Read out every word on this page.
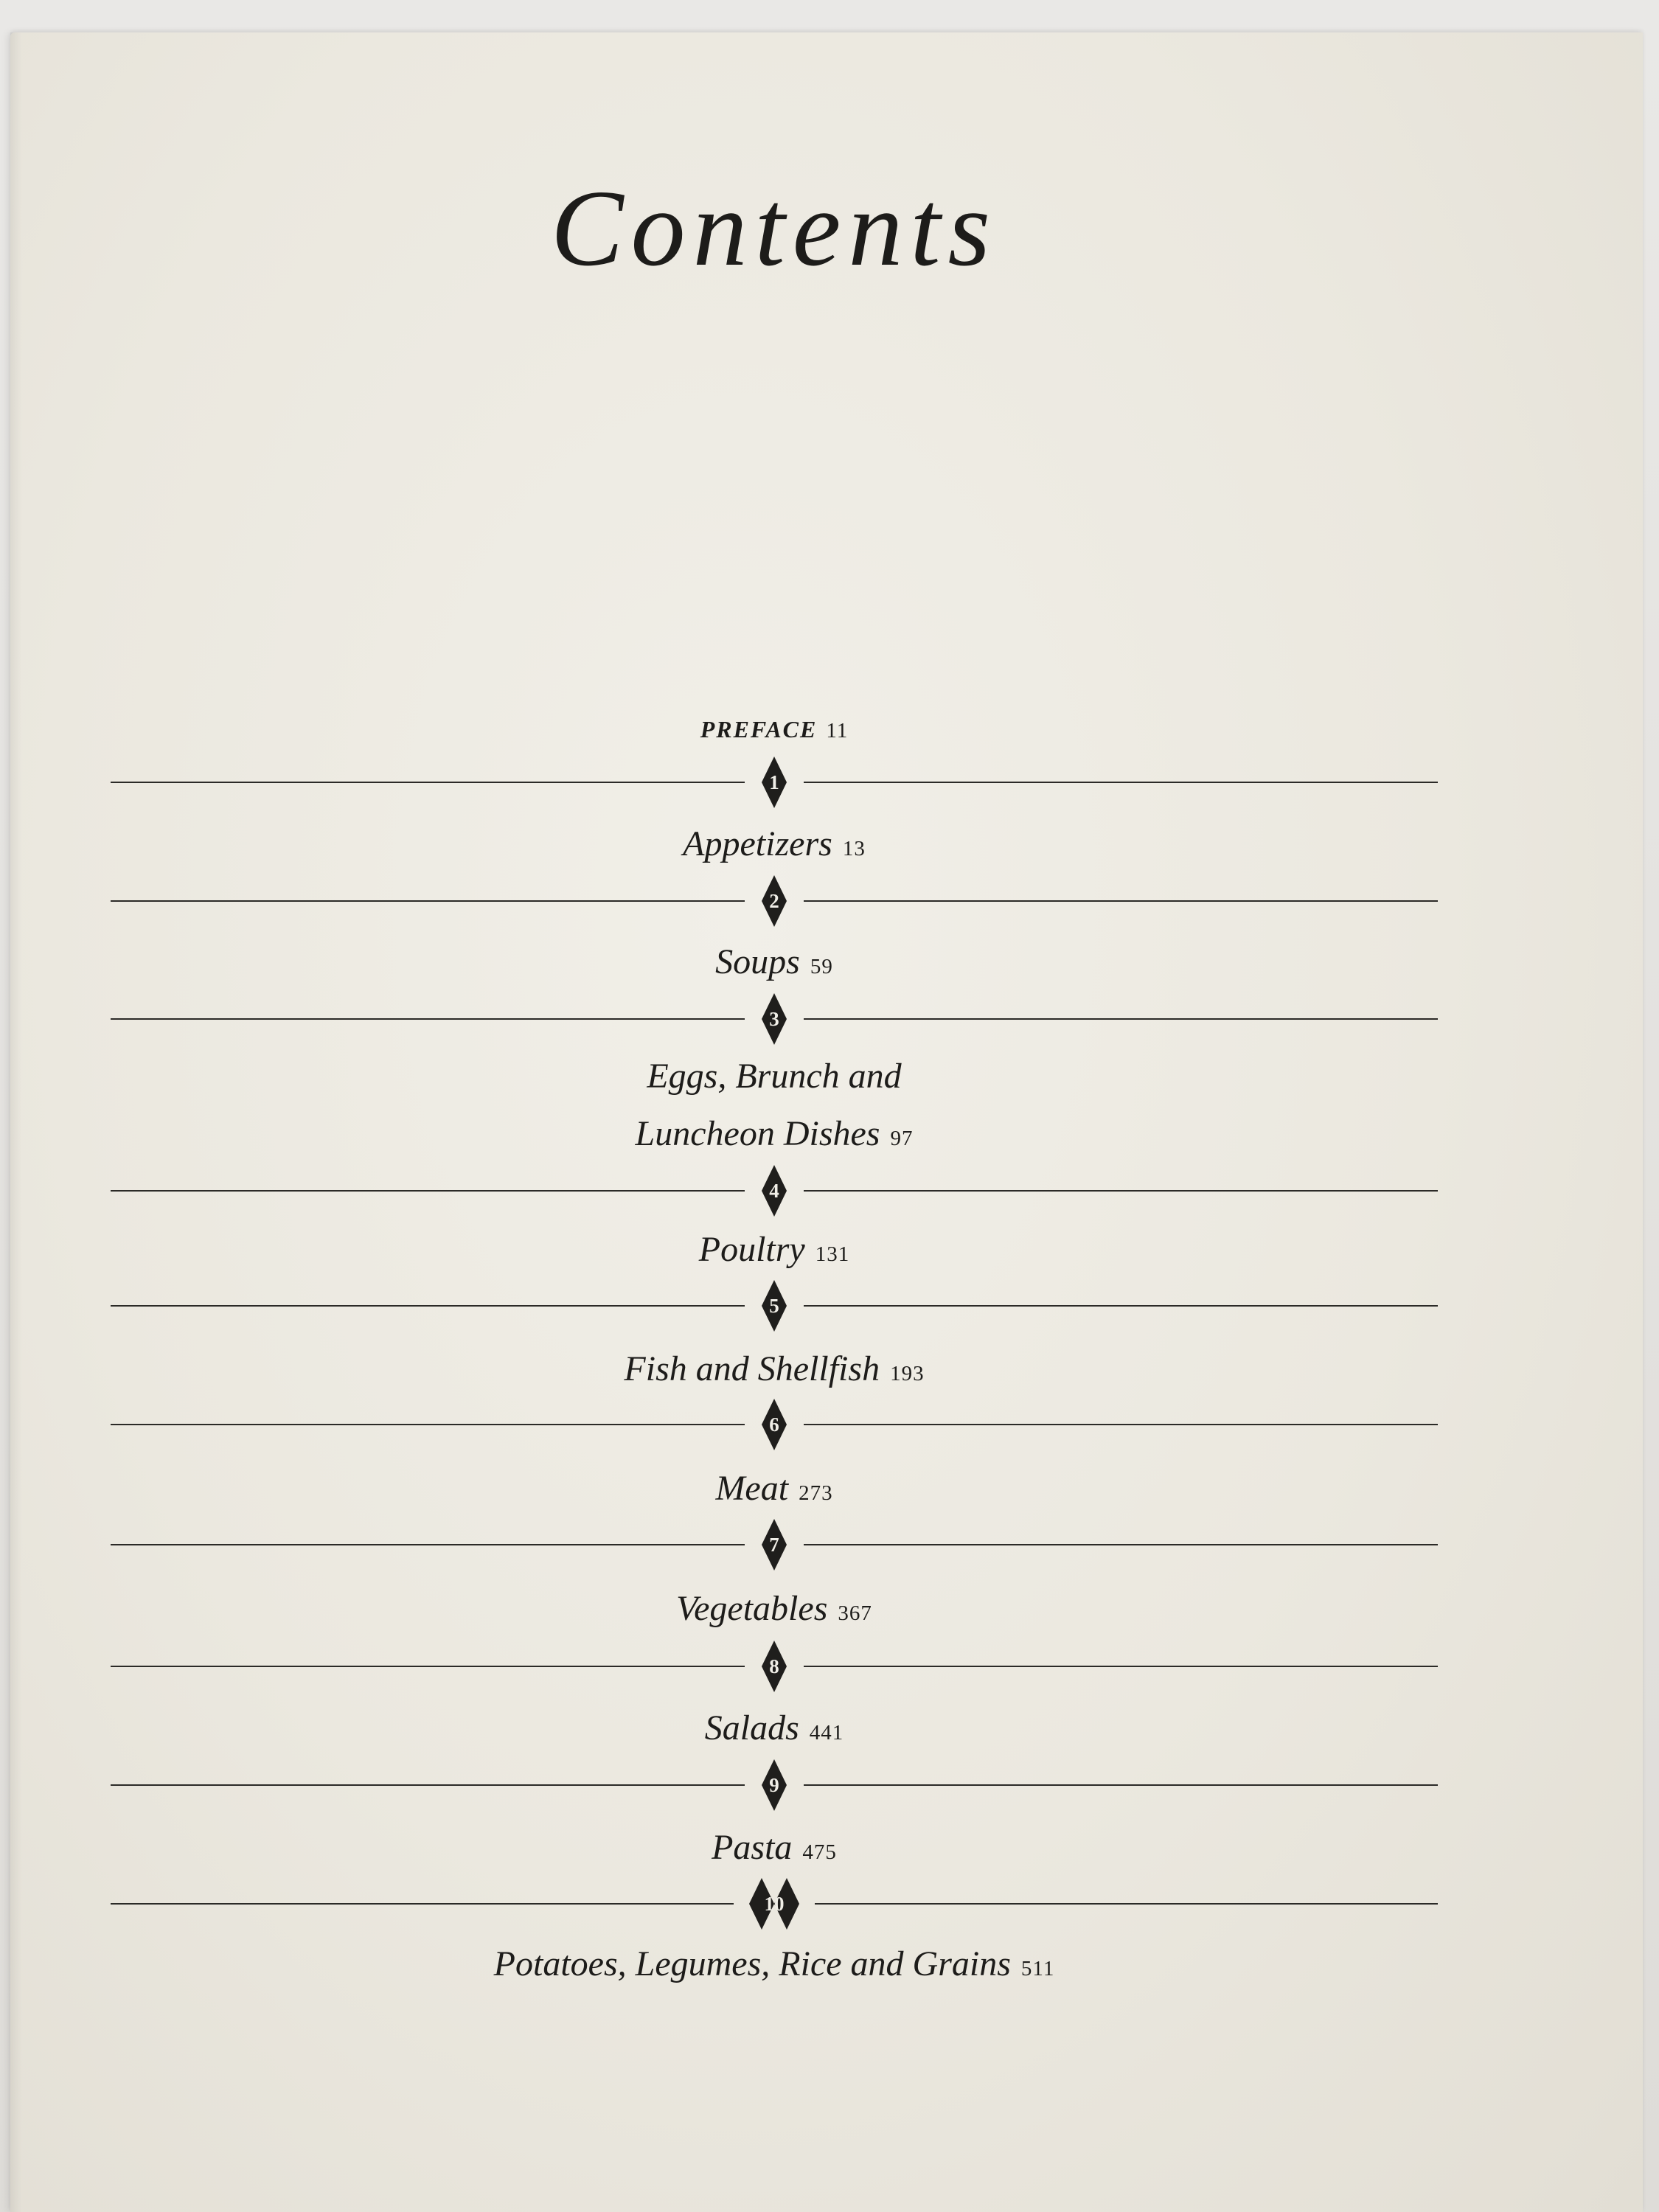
Contents
PREFACE 11
1
Appetizers 13
2
Soups 59
3
Eggs, Brunch and
Luncheon Dishes 97
4
Poultry 131
5
Fish and Shellfish 193
6
Meat 273
7
Vegetables 367
8
Salads 441
9
Pasta 475
10
Potatoes, Legumes, Rice and Grains 511
